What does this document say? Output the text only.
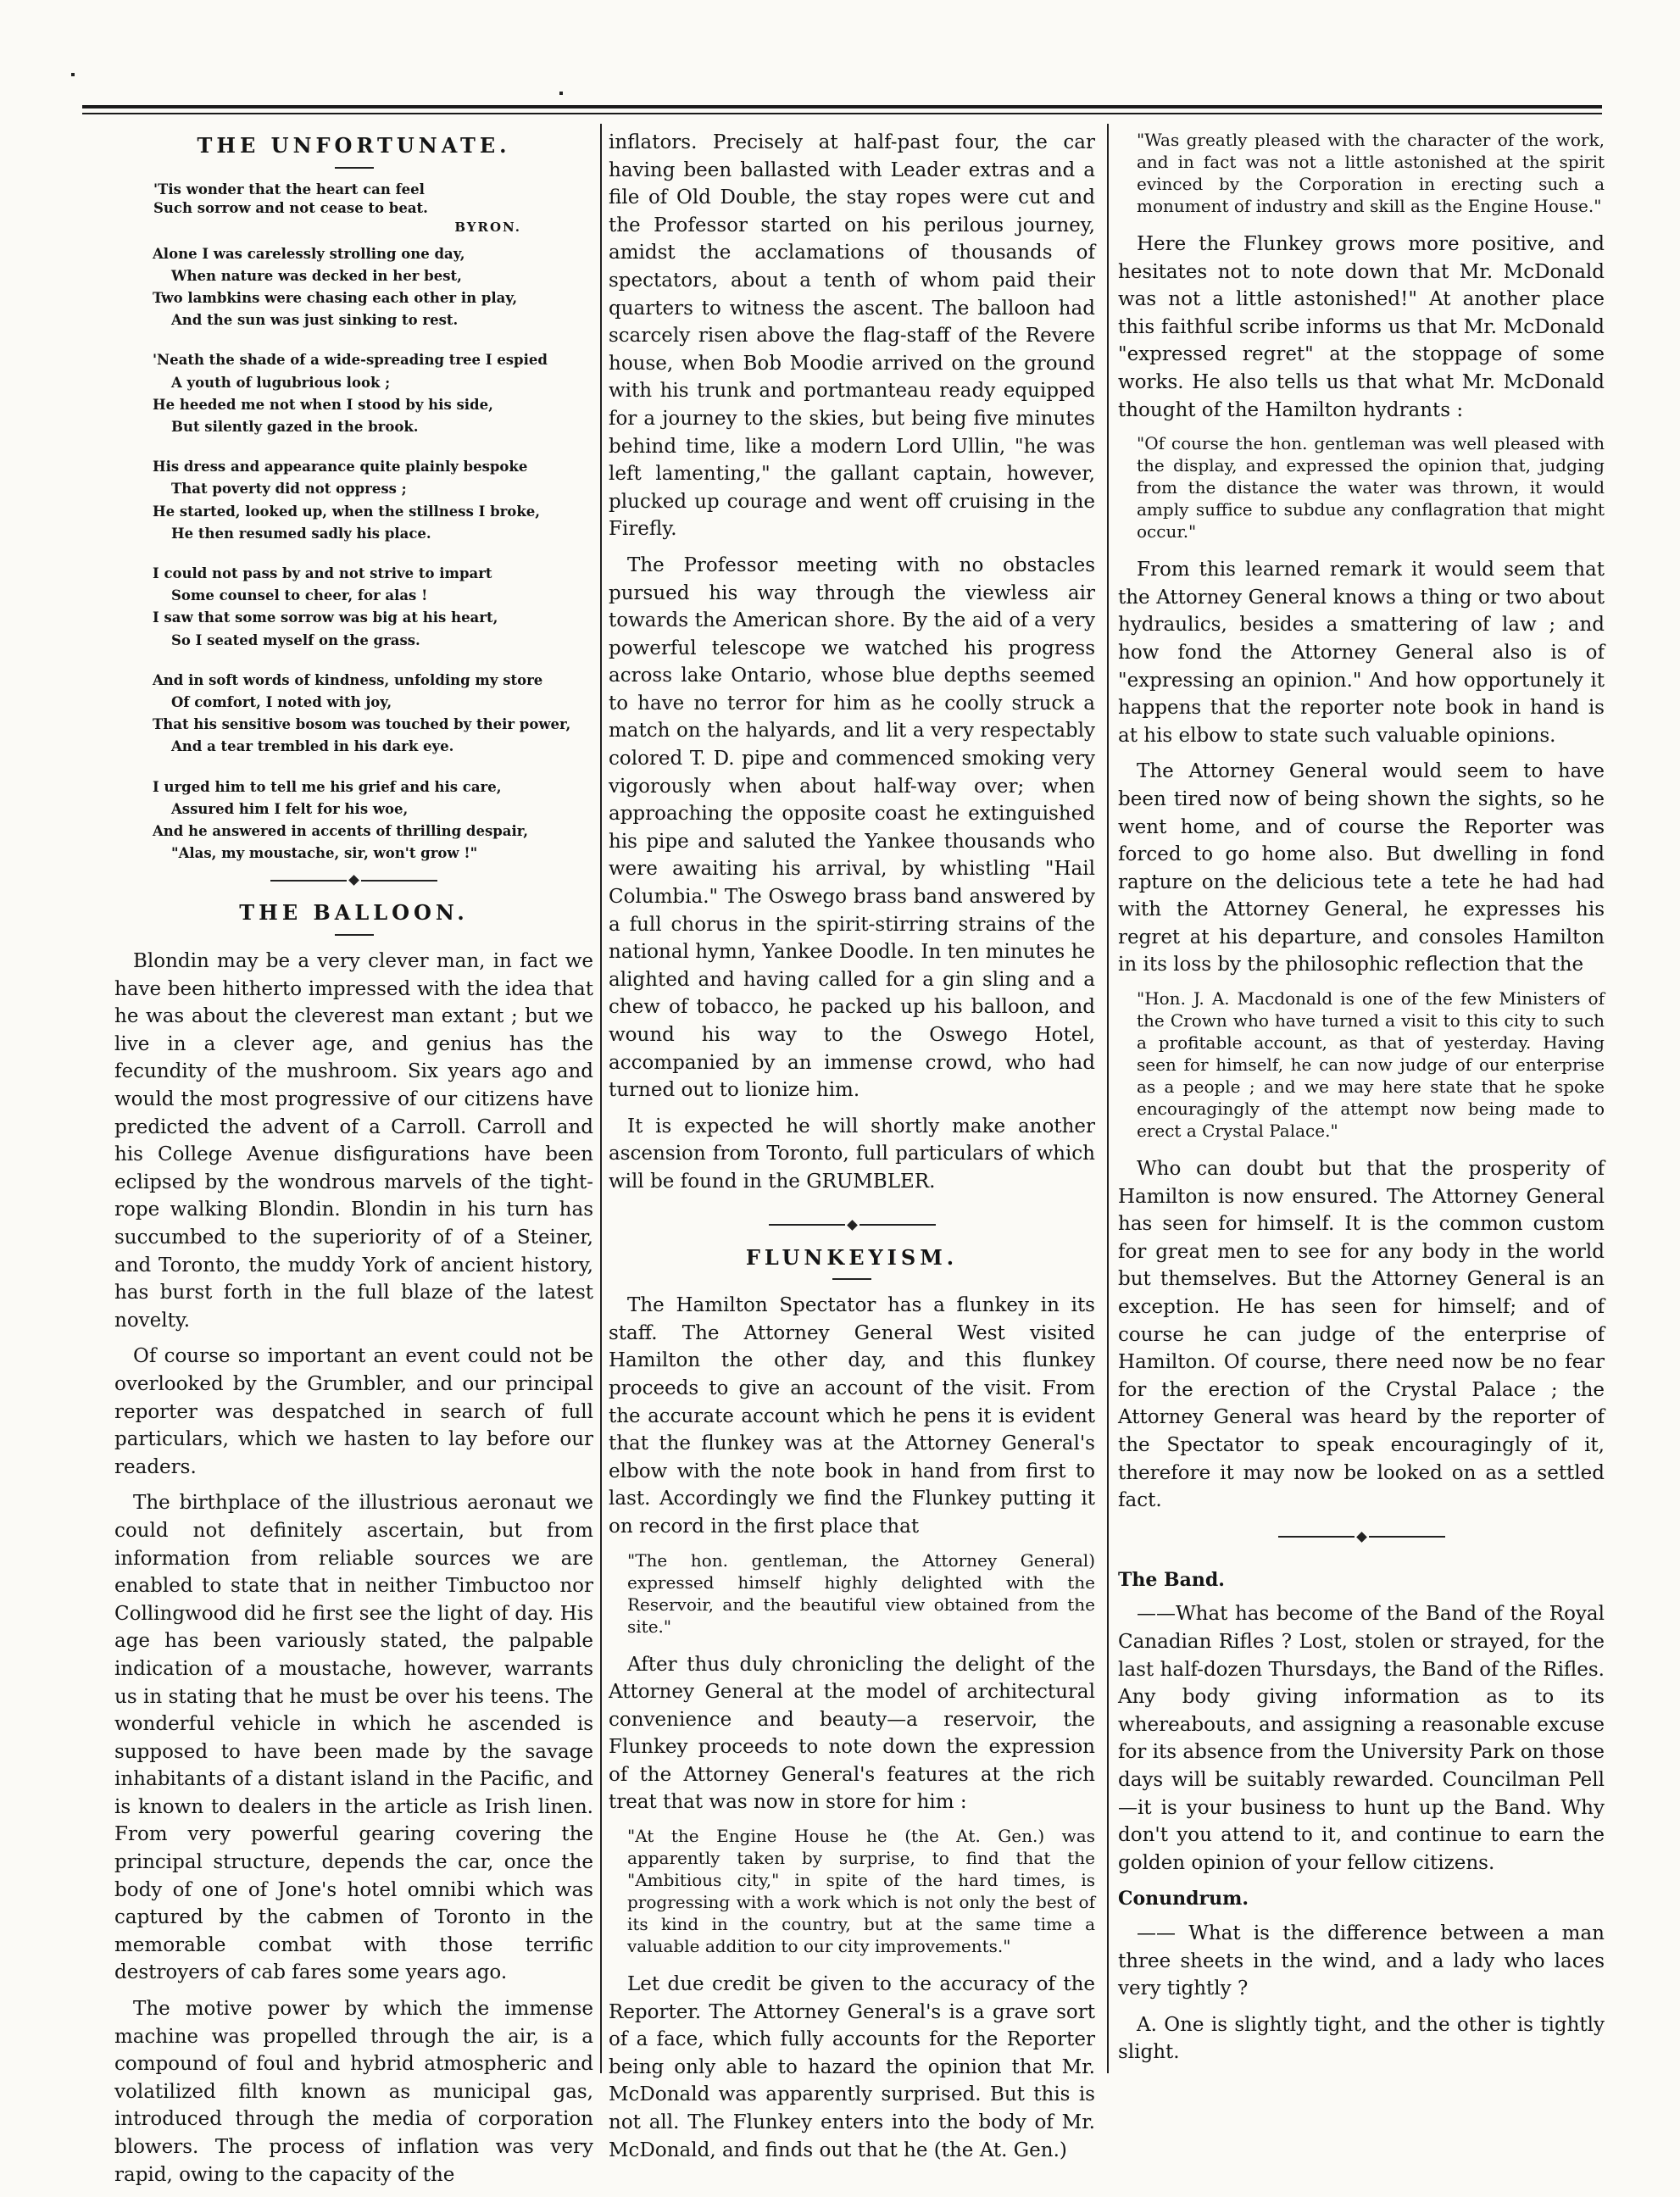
THE UNFORTUNATE.
'Tis wonder that the heart can feel
Such sorrow and not cease to beat.
BYRON.
Alone I was carelessly strolling one day,
When nature was decked in her best,
Two lambkins were chasing each other in play,
And the sun was just sinking to rest.
'Neath the shade of a wide-spreading tree I espied
A youth of lugubrious look ;
He heeded me not when I stood by his side,
But silently gazed in the brook.
His dress and appearance quite plainly bespoke
That poverty did not oppress ;
He started, looked up, when the stillness I broke,
He then resumed sadly his place.
I could not pass by and not strive to impart
Some counsel to cheer, for alas !
I saw that some sorrow was big at his heart,
So I seated myself on the grass.
And in soft words of kindness, unfolding my store
Of comfort, I noted with joy,
That his sensitive bosom was touched by their power,
And a tear trembled in his dark eye.
I urged him to tell me his grief and his care,
Assured him I felt for his woe,
And he answered in accents of thrilling despair,
"Alas, my moustache, sir, won't grow !"
THE BALLOON.

Blondin may be a very clever man, in fact we have been hitherto impressed with the idea that he was about the cleverest man extant ; but we live in a clever age, and genius has the fecundity of the mushroom. Six years ago and would the most progressive of our citizens have predicted the advent of a Carroll. Carroll and his College Avenue disfigurations have been eclipsed by the wondrous marvels of the tight-rope walking Blondin. Blondin in his turn has succumbed to the superiority of of a Steiner, and Toronto, the muddy York of ancient history, has burst forth in the full blaze of the latest novelty.

Of course so important an event could not be overlooked by the Grumbler, and our principal reporter was despatched in search of full particulars, which we hasten to lay before our readers.

The birthplace of the illustrious aeronaut we could not definitely ascertain, but from information from reliable sources we are enabled to state that in neither Timbuctoo nor Collingwood did he first see the light of day. His age has been variously stated, the palpable indication of a moustache, however, warrants us in stating that he must be over his teens. The wonderful vehicle in which he ascended is supposed to have been made by the savage inhabitants of a distant island in the Pacific, and is known to dealers in the article as Irish linen. From very powerful gearing covering the principal structure, depends the car, once the body of one of Jone's hotel omnibi which was captured by the cabmen of Toronto in the memorable combat with those terrific destroyers of cab fares some years ago.

The motive power by which the immense machine was propelled through the air, is a compound of foul and hybrid atmospheric and volatilized filth known as municipal gas, introduced through the media of corporation blowers. The process of inflation was very rapid, owing to the capacity of the

inflators. Precisely at half-past four, the car having been ballasted with Leader extras and a file of Old Double, the stay ropes were cut and the Professor started on his perilous journey, amidst the acclamations of thousands of spectators, about a tenth of whom paid their quarters to witness the ascent. The balloon had scarcely risen above the flag-staff of the Revere house, when Bob Moodie arrived on the ground with his trunk and portmanteau ready equipped for a journey to the skies, but being five minutes behind time, like a modern Lord Ullin, "he was left lamenting," the gallant captain, however, plucked up courage and went off cruising in the Firefly.

The Professor meeting with no obstacles pursued his way through the viewless air towards the American shore. By the aid of a very powerful telescope we watched his progress across lake Ontario, whose blue depths seemed to have no terror for him as he coolly struck a match on the halyards, and lit a very respectably colored T. D. pipe and commenced smoking very vigorously when about half-way over; when approaching the opposite coast he extinguished his pipe and saluted the Yankee thousands who were awaiting his arrival, by whistling "Hail Columbia." The Oswego brass band answered by a full chorus in the spirit-stirring strains of the national hymn, Yankee Doodle. In ten minutes he alighted and having called for a gin sling and a chew of tobacco, he packed up his balloon, and wound his way to the Oswego Hotel, accompanied by an immense crowd, who had turned out to lionize him.

It is expected he will shortly make another ascension from Toronto, full particulars of which will be found in the GRUMBLER.

FLUNKEYISM.

The Hamilton Spectator has a flunkey in its staff. The Attorney General West visited Hamilton the other day, and this flunkey proceeds to give an account of the visit. From the accurate account which he pens it is evident that the flunkey was at the Attorney General's elbow with the note book in hand from first to last. Accordingly we find the Flunkey putting it on record in the first place that

"The hon. gentleman, the Attorney General) expressed himself highly delighted with the Reservoir, and the beautiful view obtained from the site."

After thus duly chronicling the delight of the Attorney General at the model of architectural convenience and beauty—a reservoir, the Flunkey proceeds to note down the expression of the Attorney General's features at the rich treat that was now in store for him :

"At the Engine House he (the At. Gen.) was apparently taken by surprise, to find that the "Ambitious city," in spite of the hard times, is progressing with a work which is not only the best of its kind in the country, but at the same time a valuable addition to our city improvements."

Let due credit be given to the accuracy of the Reporter. The Attorney General's is a grave sort of a face, which fully accounts for the Reporter being only able to hazard the opinion that Mr. McDonald was apparently surprised. But this is not all. The Flunkey enters into the body of Mr. McDonald, and finds out that he (the At. Gen.)

"Was greatly pleased with the character of the work, and in fact was not a little astonished at the spirit evinced by the Corporation in erecting such a monument of industry and skill as the Engine House."

Here the Flunkey grows more positive, and hesitates not to note down that Mr. McDonald was not a little astonished!" At another place this faithful scribe informs us that Mr. McDonald "expressed regret" at the stoppage of some works. He also tells us that what Mr. McDonald thought of the Hamilton hydrants :

"Of course the hon. gentleman was well pleased with the display, and expressed the opinion that, judging from the distance the water was thrown, it would amply suffice to subdue any conflagration that might occur."

From this learned remark it would seem that the Attorney General knows a thing or two about hydraulics, besides a smattering of law ; and how fond the Attorney General also is of "expressing an opinion." And how opportunely it happens that the reporter note book in hand is at his elbow to state such valuable opinions.

The Attorney General would seem to have been tired now of being shown the sights, so he went home, and of course the Reporter was forced to go home also. But dwelling in fond rapture on the delicious tete a tete he had had with the Attorney General, he expresses his regret at his departure, and consoles Hamilton in its loss by the philosophic reflection that the

"Hon. J. A. Macdonald is one of the few Ministers of the Crown who have turned a visit to this city to such a profitable account, as that of yesterday. Having seen for himself, he can now judge of our enterprise as a people ; and we may here state that he spoke encouragingly of the attempt now being made to erect a Crystal Palace."

Who can doubt but that the prosperity of Hamilton is now ensured. The Attorney General has seen for himself. It is the common custom for great men to see for any body in the world but themselves. But the Attorney General is an exception. He has seen for himself; and of course he can judge of the enterprise of Hamilton. Of course, there need now be no fear for the erection of the Crystal Palace ; the Attorney General was heard by the reporter of the Spectator to speak encouragingly of it, therefore it may now be looked on as a settled fact.

The Band.

——What has become of the Band of the Royal Canadian Rifles ? Lost, stolen or strayed, for the last half-dozen Thursdays, the Band of the Rifles. Any body giving information as to its whereabouts, and assigning a reasonable excuse for its absence from the University Park on those days will be suitably rewarded. Councilman Pell—it is your business to hunt up the Band. Why don't you attend to it, and continue to earn the golden opinion of your fellow citizens.

Conundrum.

—— What is the difference between a man three sheets in the wind, and a lady who laces very tightly ?

A. One is slightly tight, and the other is tightly slight.
